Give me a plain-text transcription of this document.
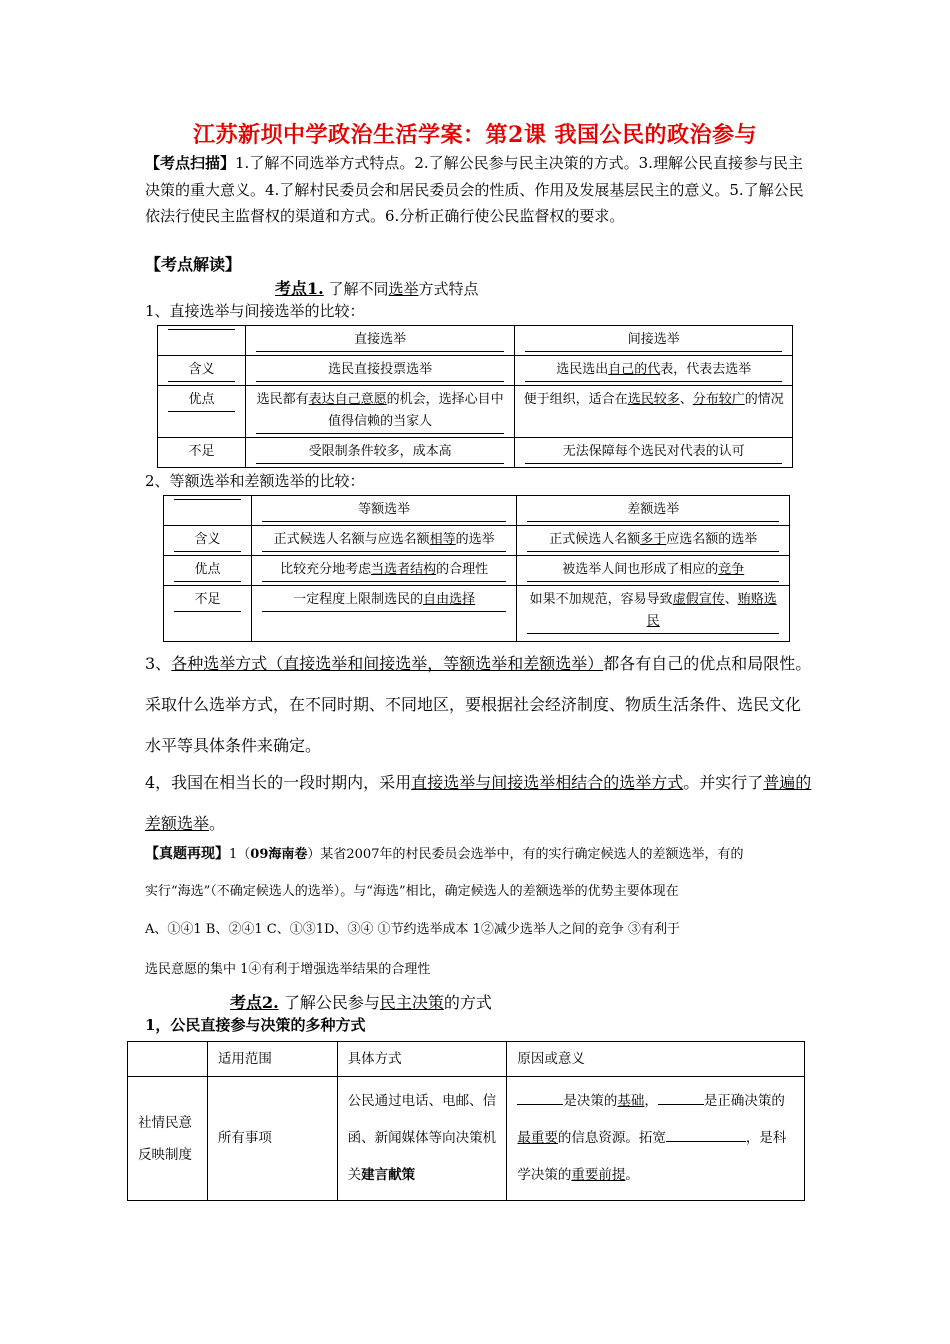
江苏新坝中学政治生活学案：第2课 我国公民的政治参与
【考点扫描】1.了解不同选举方式特点。2.了解公民参与民主决策的方式。3.理解公民直接参与民主决策的重大意义。4.了解村民委员会和居民委员会的性质、作用及发展基层民主的意义。5.了解公民依法行使民主监督权的渠道和方式。6.分析正确行使公民监督权的要求。
【考点解读】
考点1. 了解不同选举方式特点
1、直接选举与间接选举的比较：

	直接选举	间接选举

含义	选民直接投票选举	选民选出自己的代表，代表去选举

优点	选民都有表达自己意愿的机会，选择心目中值得信赖的当家人	便于组织，适合在选民较多、分布较广的情况
不足	受限制条件较多，成本高	无法保障每个选民对代表的认可
2、等额选举和差额选举的比较：

	等额选举	差额选举

含义	正式候选人名额与应选名额相等的选举	正式候选人名额多于应选名额的选举

优点	比较充分地考虑当选者结构的合理性	被选举人间也形成了相应的竞争

不足	一定程度上限制选民的自由选择	如果不加规范，容易导致虚假宣传、贿赂选民
3、各种选举方式（直接选举和间接选举，等额选举和差额选举）都各有自己的优点和局限性。采取什么选举方式，在不同时期、不同地区，要根据社会经济制度、物质生活条件、选民文化水平等具体条件来确定。
4，我国在相当长的一段时期内，采用直接选举与间接选举相结合的选举方式。并实行了普遍的差额选举。
【真题再现】1（09海南卷）某省2007年的村民委员会选举中，有的实行确定候选人的差额选举，有的
实行“海选”（不确定候选人的选举）。与“海选”相比，确定候选人的差额选举的优势主要体现在
A、①④1 B、②④1 C、①③1D、③④ ①节约选举成本 1②减少选举人之间的竞争 ③有利于
选民意愿的集中 1④有利于增强选举结果的合理性
考点2. 了解公民参与民主决策的方式
1，公民直接参与决策的多种方式
	适用范围	具体方式	原因或意义
社情民意反映制度	所有事项	公民通过电话、电邮、信函、新闻媒体等向决策机关建言献策	是决策的基础， 是正确决策的最重要的信息资源。拓宽 ，是科学决策的重要前提。
